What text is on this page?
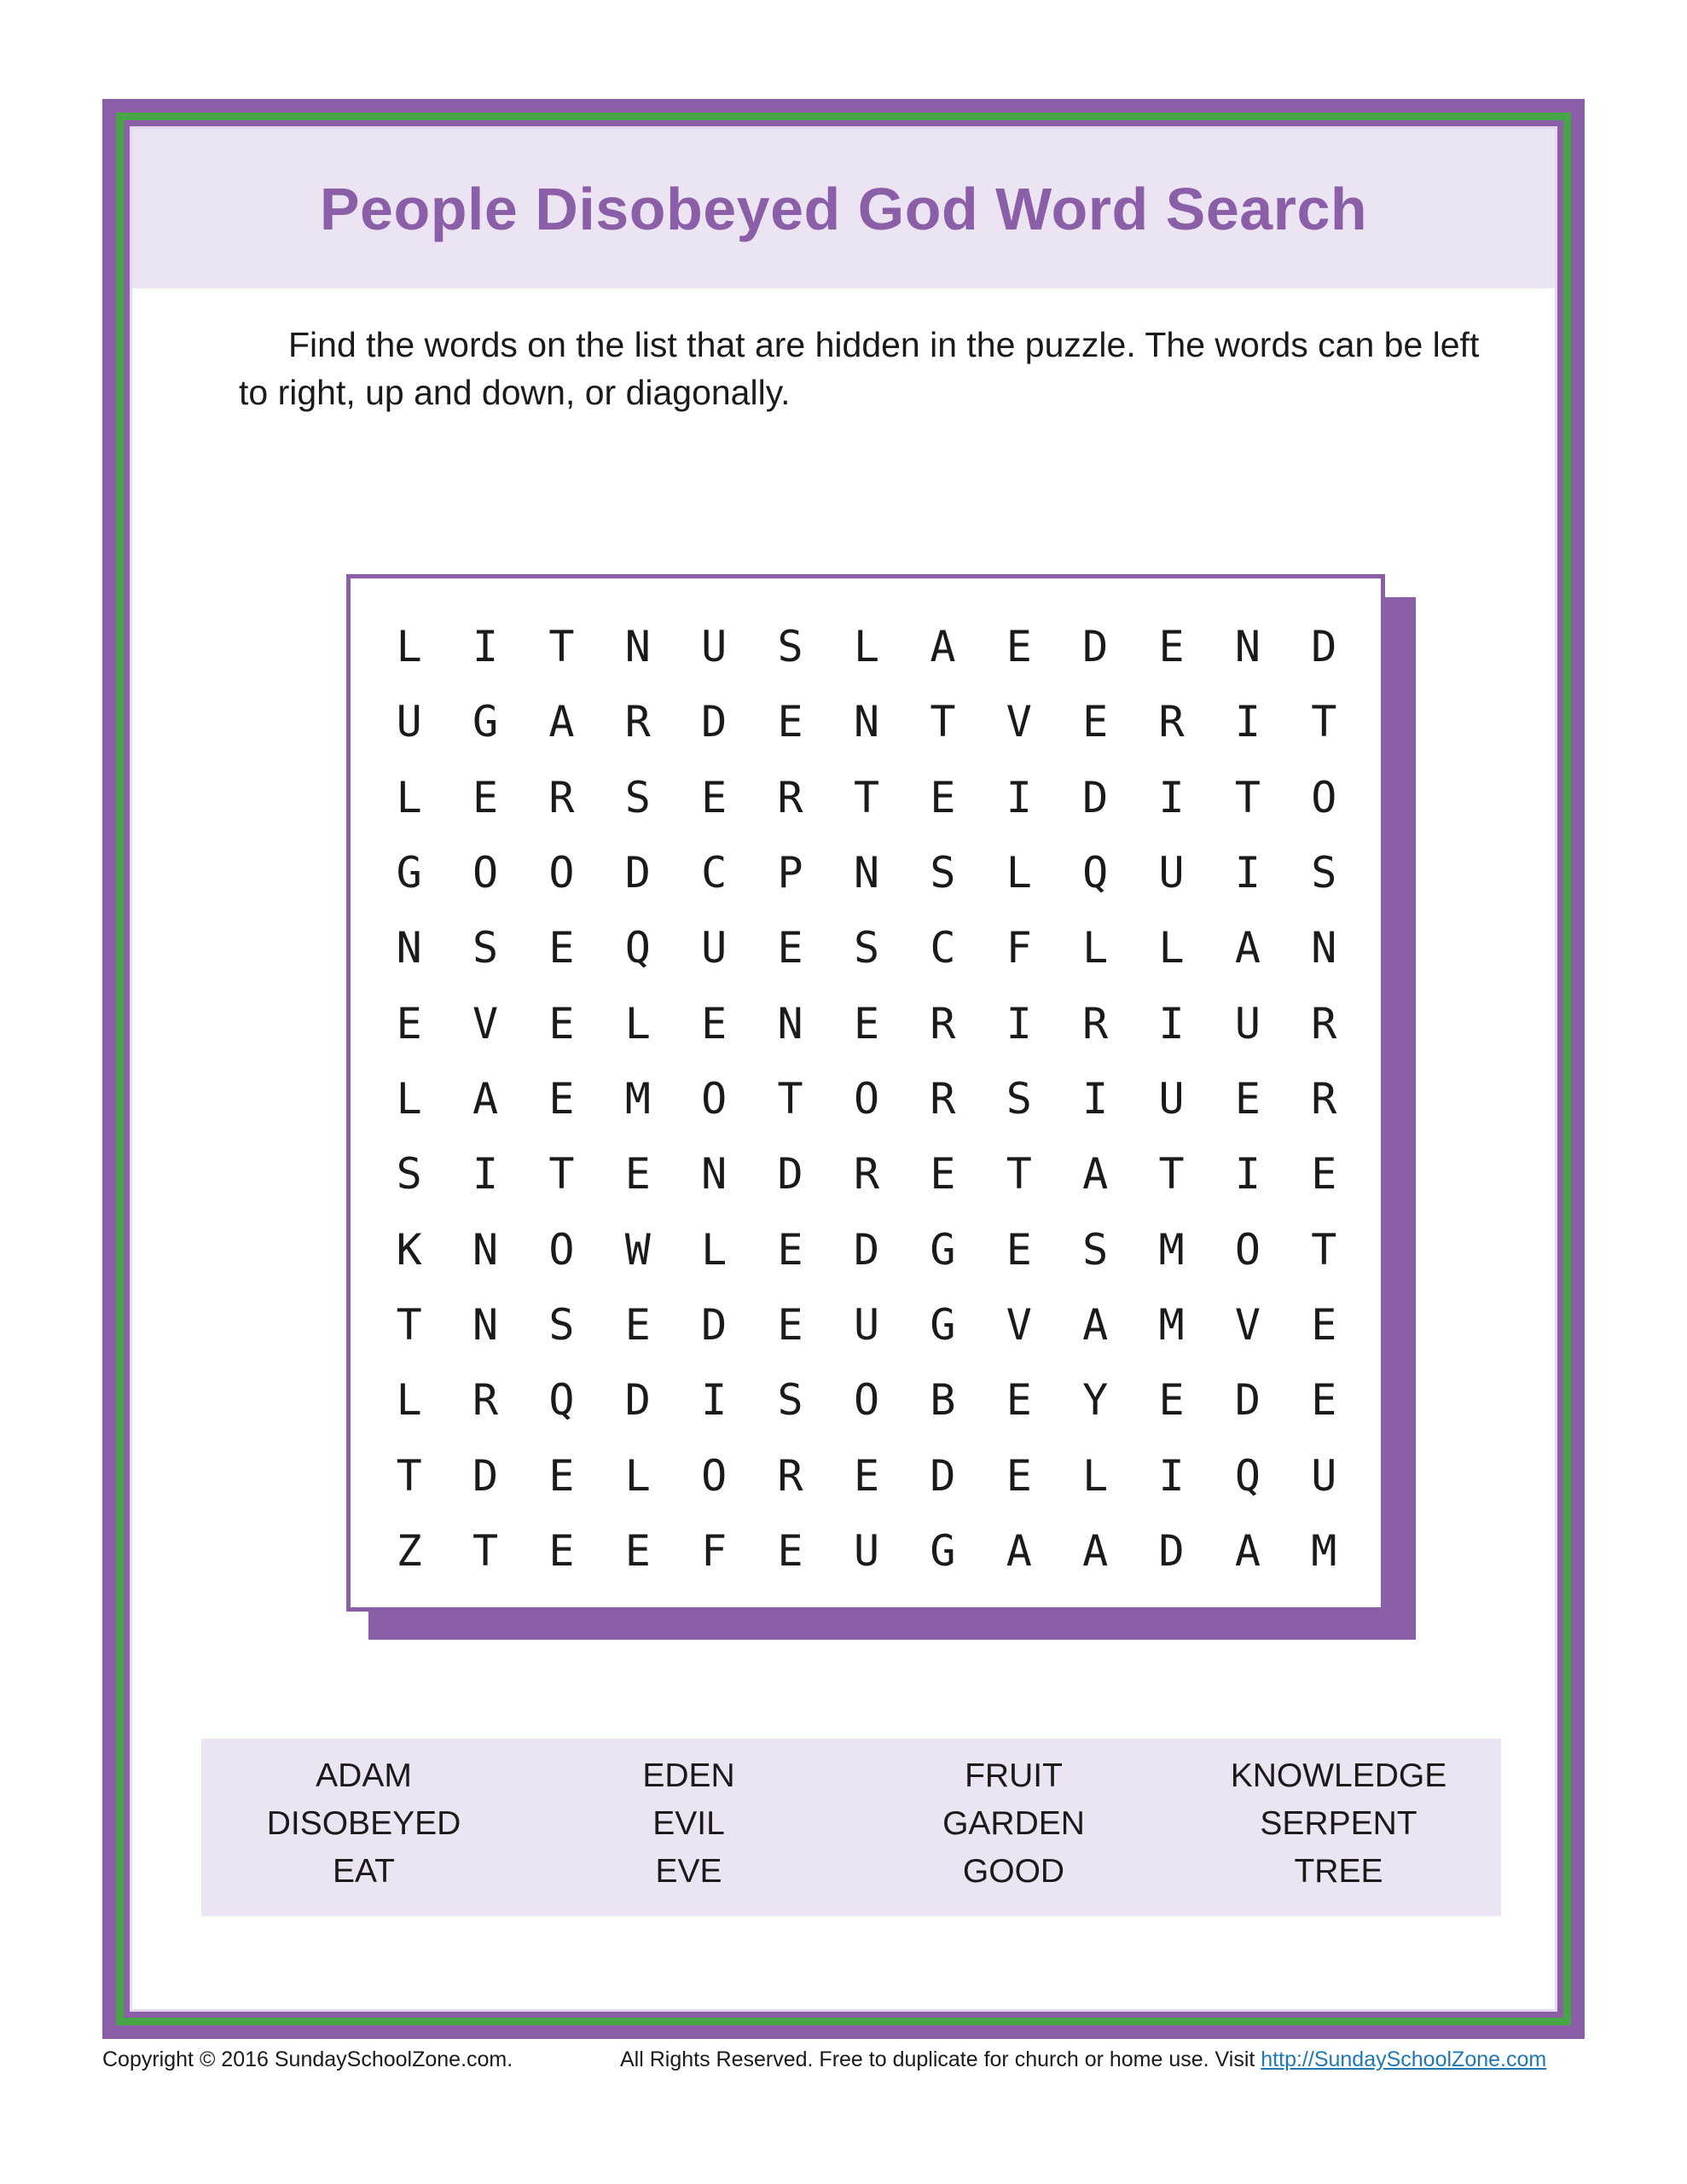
People Disobeyed God Word Search

Find the words on the list that are hidden in the puzzle. The words can be left to right, up and down, or diagonally.

L	I	T	N	U	S	L	A	E	D	E	N	D
U	G	A	R	D	E	N	T	V	E	R	I	T
L	E	R	S	E	R	T	E	I	D	I	T	O
G	O	O	D	C	P	N	S	L	Q	U	I	S
N	S	E	Q	U	E	S	C	F	L	L	A	N
E	V	E	L	E	N	E	R	I	R	I	U	R
L	A	E	M	O	T	O	R	S	I	U	E	R
S	I	T	E	N	D	R	E	T	A	T	I	E
K	N	O	W	L	E	D	G	E	S	M	O	T
T	N	S	E	D	E	U	G	V	A	M	V	E
L	R	Q	D	I	S	O	B	E	Y	E	D	E
T	D	E	L	O	R	E	D	E	L	I	Q	U
Z	T	E	E	F	E	U	G	A	A	D	A	M
ADAM
DISOBEYED
EAT
EDEN
EVIL
EVE
FRUIT
GARDEN
GOOD
KNOWLEDGE
SERPENT
TREE
Copyright © 2016 SundaySchoolZone.com.	All Rights Reserved. Free to duplicate for church or home use. Visit http://SundaySchoolZone.com
